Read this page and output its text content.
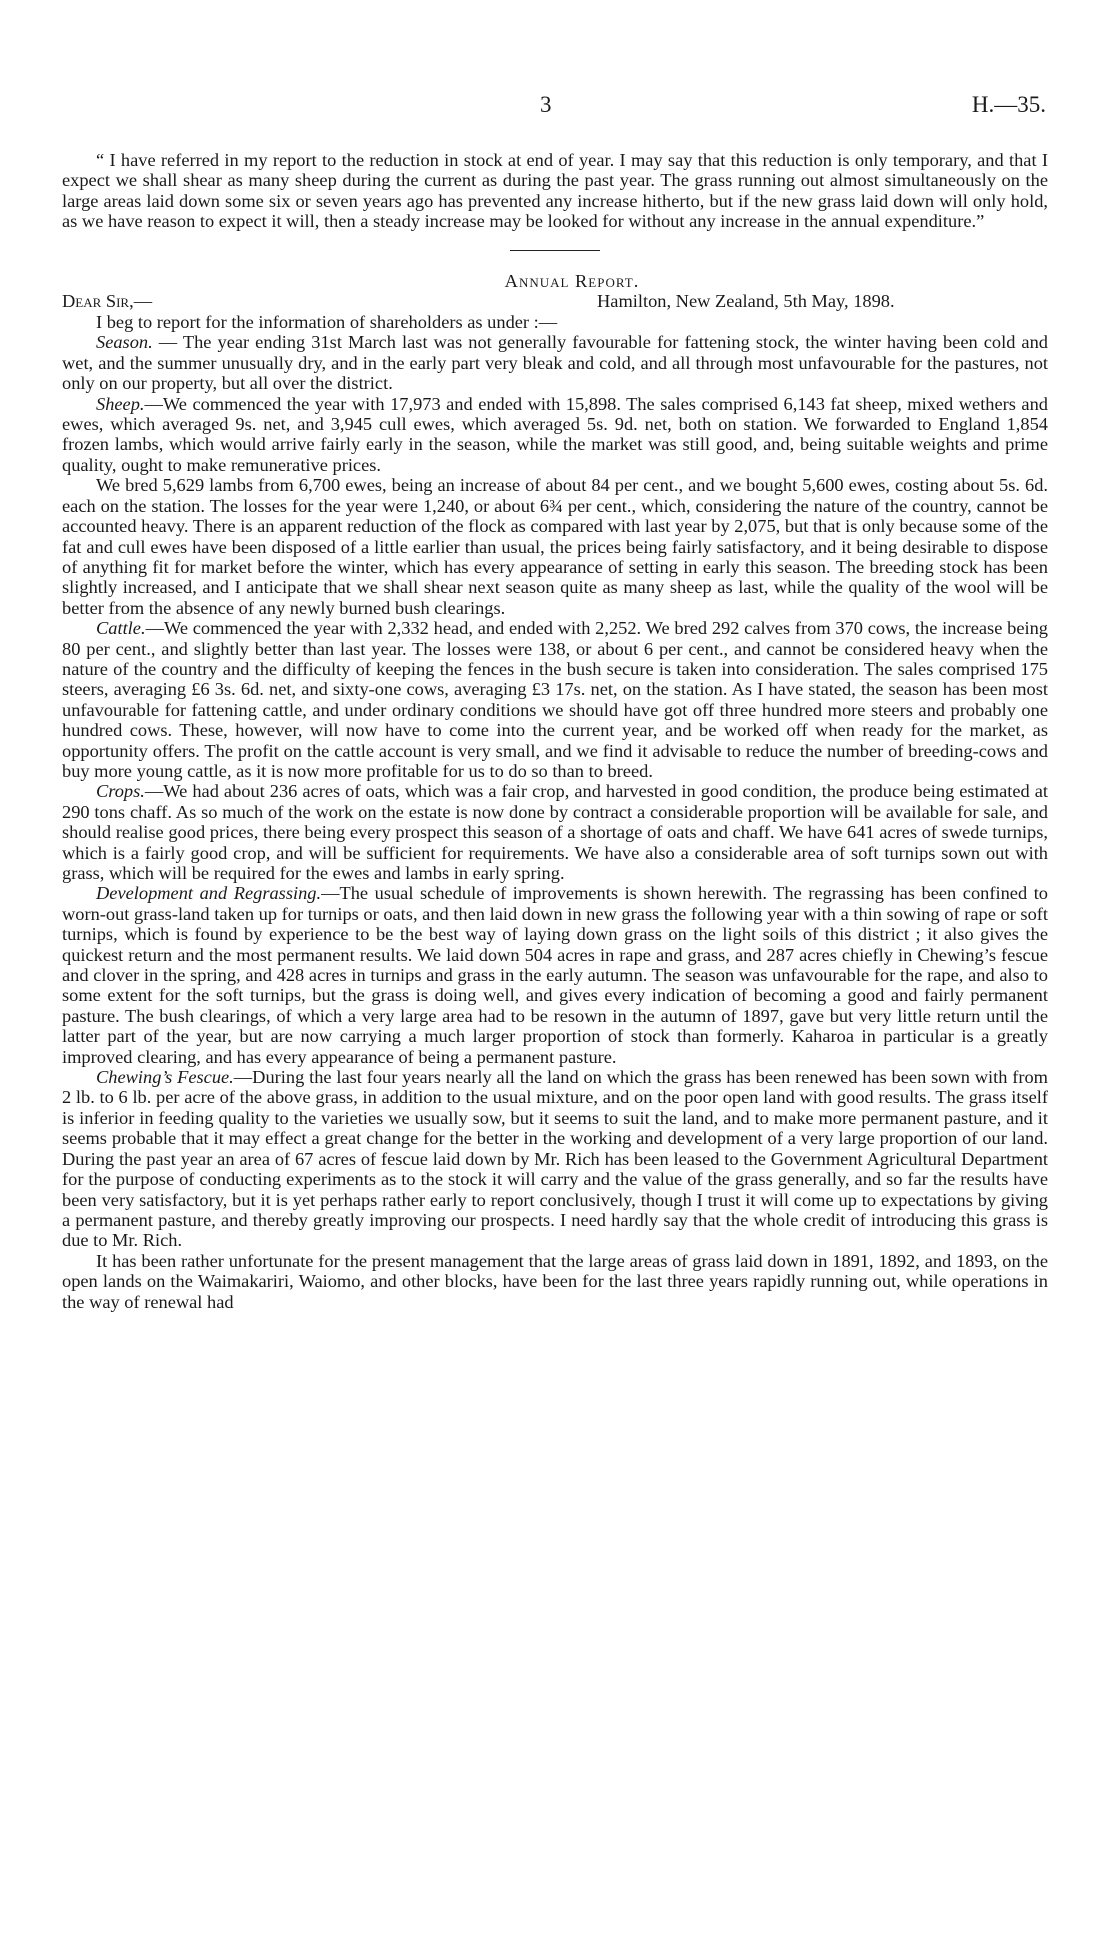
3	H.—35.

“ I have referred in my report to the reduction in stock at end of year. I may say that this reduction is only temporary, and that I expect we shall shear as many sheep during the current as during the past year. The grass running out almost simultaneously on the large areas laid down some six or seven years ago has prevented any increase hitherto, but if the new grass laid down will only hold, as we have reason to expect it will, then a steady increase may be looked for without any increase in the annual expenditure.”

Annual Report.

Dear Sir,—	Hamilton, New Zealand, 5th May, 1898.

I beg to report for the information of shareholders as under :—

Season. — The year ending 31st March last was not generally favourable for fattening stock, the winter having been cold and wet, and the summer unusually dry, and in the early part very bleak and cold, and all through most unfavourable for the pastures, not only on our property, but all over the district.

Sheep.—We commenced the year with 17,973 and ended with 15,898. The sales comprised 6,143 fat sheep, mixed wethers and ewes, which averaged 9s. net, and 3,945 cull ewes, which averaged 5s. 9d. net, both on station. We forwarded to England 1,854 frozen lambs, which would arrive fairly early in the season, while the market was still good, and, being suitable weights and prime quality, ought to make remunerative prices.

We bred 5,629 lambs from 6,700 ewes, being an increase of about 84 per cent., and we bought 5,600 ewes, costing about 5s. 6d. each on the station. The losses for the year were 1,240, or about 6¾ per cent., which, considering the nature of the country, cannot be accounted heavy. There is an apparent reduction of the flock as compared with last year by 2,075, but that is only because some of the fat and cull ewes have been disposed of a little earlier than usual, the prices being fairly satisfactory, and it being desirable to dispose of anything fit for market before the winter, which has every appearance of setting in early this season. The breeding stock has been slightly increased, and I anticipate that we shall shear next season quite as many sheep as last, while the quality of the wool will be better from the absence of any newly burned bush clearings.

Cattle.—We commenced the year with 2,332 head, and ended with 2,252. We bred 292 calves from 370 cows, the increase being 80 per cent., and slightly better than last year. The losses were 138, or about 6 per cent., and cannot be considered heavy when the nature of the country and the difficulty of keeping the fences in the bush secure is taken into consideration. The sales comprised 175 steers, averaging £6 3s. 6d. net, and sixty-one cows, averaging £3 17s. net, on the station. As I have stated, the season has been most unfavourable for fattening cattle, and under ordinary conditions we should have got off three hundred more steers and probably one hundred cows. These, however, will now have to come into the current year, and be worked off when ready for the market, as opportunity offers. The profit on the cattle account is very small, and we find it advisable to reduce the number of breeding-cows and buy more young cattle, as it is now more profitable for us to do so than to breed.

Crops.—We had about 236 acres of oats, which was a fair crop, and harvested in good condition, the produce being estimated at 290 tons chaff. As so much of the work on the estate is now done by contract a considerable proportion will be available for sale, and should realise good prices, there being every prospect this season of a shortage of oats and chaff. We have 641 acres of swede turnips, which is a fairly good crop, and will be sufficient for requirements. We have also a considerable area of soft turnips sown out with grass, which will be required for the ewes and lambs in early spring.

Development and Regrassing.—The usual schedule of improvements is shown herewith. The regrassing has been confined to worn-out grass-land taken up for turnips or oats, and then laid down in new grass the following year with a thin sowing of rape or soft turnips, which is found by experience to be the best way of laying down grass on the light soils of this district ; it also gives the quickest return and the most permanent results. We laid down 504 acres in rape and grass, and 287 acres chiefly in Chewing’s fescue and clover in the spring, and 428 acres in turnips and grass in the early autumn. The season was unfavourable for the rape, and also to some extent for the soft turnips, but the grass is doing well, and gives every indication of becoming a good and fairly permanent pasture. The bush clearings, of which a very large area had to be resown in the autumn of 1897, gave but very little return until the latter part of the year, but are now carrying a much larger proportion of stock than formerly. Kaharoa in particular is a greatly improved clearing, and has every appearance of being a permanent pasture.

Chewing’s Fescue.—During the last four years nearly all the land on which the grass has been renewed has been sown with from 2 lb. to 6 lb. per acre of the above grass, in addition to the usual mixture, and on the poor open land with good results. The grass itself is inferior in feeding quality to the varieties we usually sow, but it seems to suit the land, and to make more permanent pasture, and it seems probable that it may effect a great change for the better in the working and development of a very large proportion of our land. During the past year an area of 67 acres of fescue laid down by Mr. Rich has been leased to the Government Agricultural Department for the purpose of conducting experiments as to the stock it will carry and the value of the grass generally, and so far the results have been very satisfactory, but it is yet perhaps rather early to report conclusively, though I trust it will come up to expectations by giving a permanent pasture, and thereby greatly improving our prospects. I need hardly say that the whole credit of introducing this grass is due to Mr. Rich.

It has been rather unfortunate for the present management that the large areas of grass laid down in 1891, 1892, and 1893, on the open lands on the Waimakariri, Waiomo, and other blocks, have been for the last three years rapidly running out, while operations in the way of renewal had
